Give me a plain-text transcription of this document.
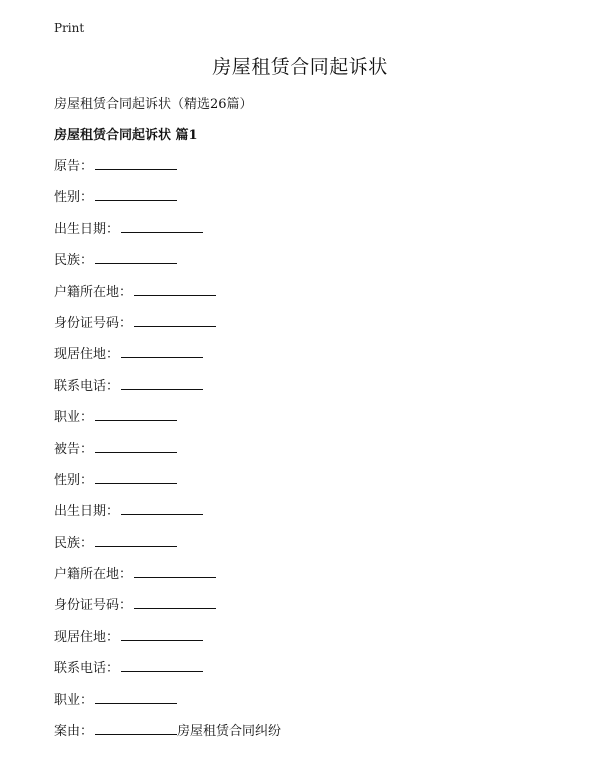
Print
房屋租赁合同起诉状
房屋租赁合同起诉状（精选26篇）
房屋租赁合同起诉状 篇1
原告：
性别：
出生日期：
民族：
户籍所在地：
身份证号码：
现居住地：
联系电话：
职业：
被告：
性别：
出生日期：
民族：
户籍所在地：
身份证号码：
现居住地：
联系电话：
职业：
案由：	房屋租赁合同纠纷
